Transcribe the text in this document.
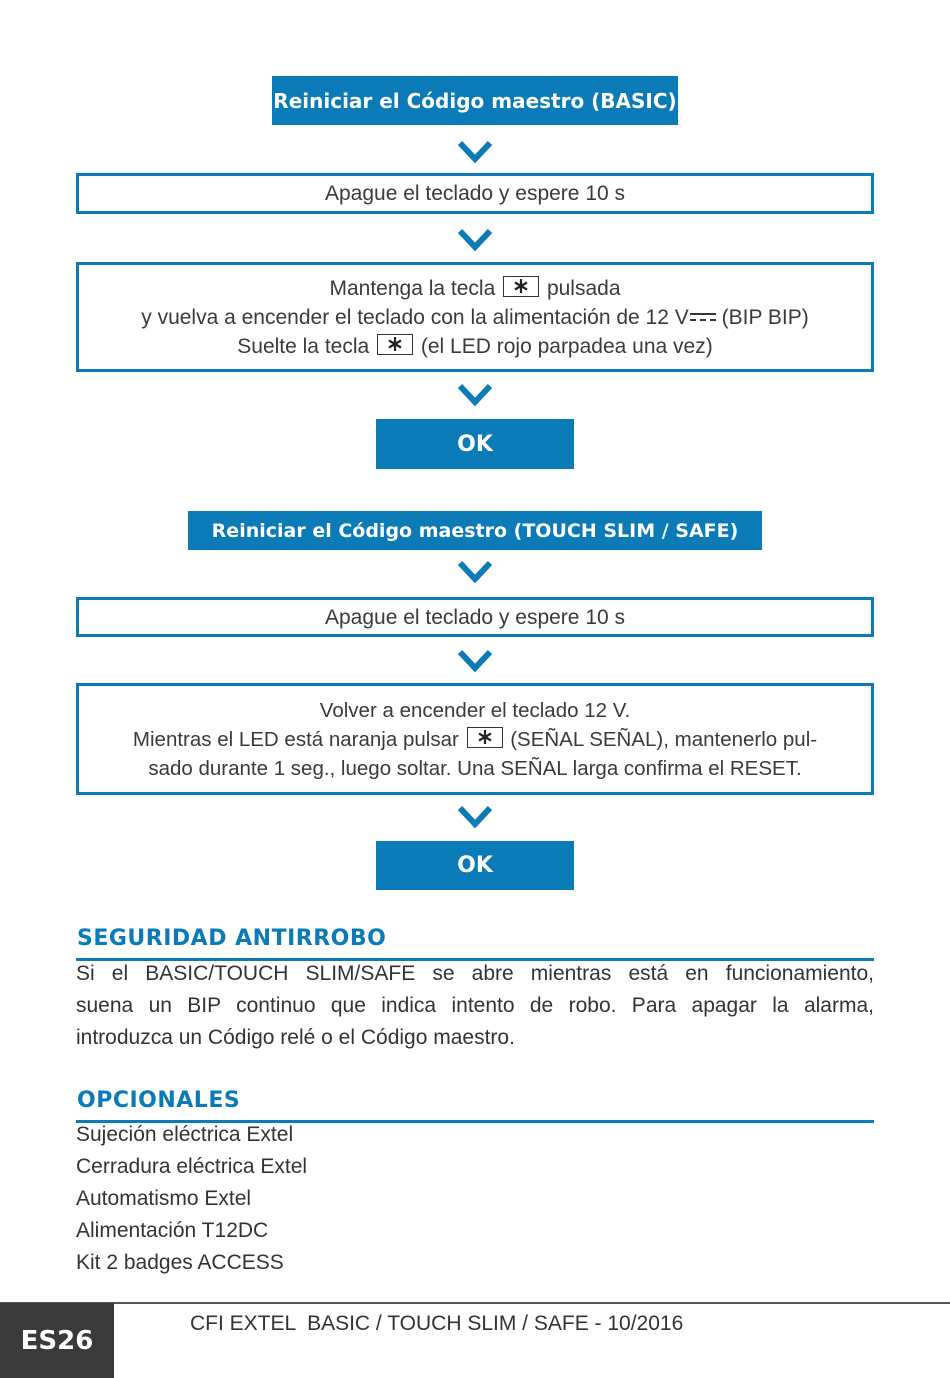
Reiniciar el Código maestro (BASIC)
Apague el teclado y espere 10 s
Mantenga la tecla pulsada
y vuelva a encender el teclado con la alimentación de 12 V (BIP BIP)
Suelte la tecla (el LED rojo parpadea una vez)
OK
Reiniciar el Código maestro (TOUCH SLIM / SAFE)
Apague el teclado y espere 10 s
Volver a encender el teclado 12 V.
Mientras el LED está naranja pulsar	(SEÑAL SEÑAL), mantenerlo pul-
sado durante 1 seg., luego soltar. Una SEÑAL larga confirma el RESET.
OK
SEGURIDAD ANTIRROBO
Si el BASIC/TOUCH SLIM/SAFE se abre mientras está en funcionamiento,
suena un BIP continuo que indica intento de robo. Para apagar la alarma,
introduzca un Código relé o el Código maestro.
OPCIONALES
Sujeción eléctrica Extel
Cerradura eléctrica Extel
Automatismo Extel
Alimentación T12DC
Kit 2 badges ACCESS
ES26
CFI EXTEL  BASIC / TOUCH SLIM / SAFE - 10/2016
